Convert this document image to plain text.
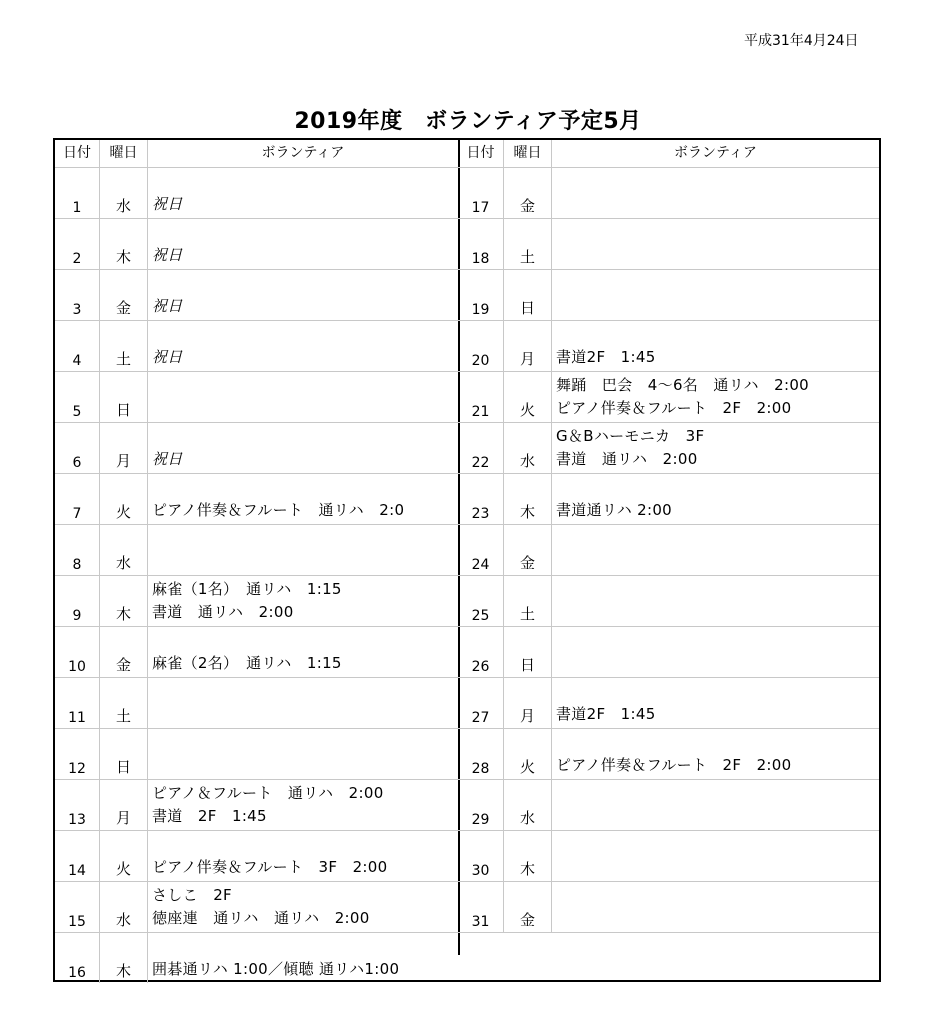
平成31年4月24日
2019年度　ボランティア予定5月
日付	曜日	ボランティア
1	水	祝日
2	木	祝日
3	金	祝日
4	土	祝日
5	日
6	月	祝日
7	火	ピアノ伴奏＆フルート　通リハ　2:0
8	水
9	木
麻雀（1名）　通リハ　1:15
書道　通リハ　2:00
10	金	麻雀（2名）　通リハ　1:15
11	土
12	日
13	月
ピアノ＆フルート　通リハ　2:00
書道　2F　1:45
14	火	ピアノ伴奏＆フルート　3F　2:00
15	水
さしこ　2F
徳座連　通リハ　通リハ　2:00
16	木	囲碁通リハ 1:00／傾聴 通リハ1:00
日付	曜日	ボランティア
17	金
18	土
19	日
20	月	書道2F　1:45
21	火
舞踊　巴会　4～6名　通リハ　2:00
ピアノ伴奏＆フルート　2F　2:00
22	水
G＆Bハーモニカ　3F
書道　通リハ　2:00
23	木	書道通リハ 2:00
24	金
25	土
26	日
27	月	書道2F　1:45
28	火	ピアノ伴奏＆フルート　2F　2:00
29	水
30	木
31	金
